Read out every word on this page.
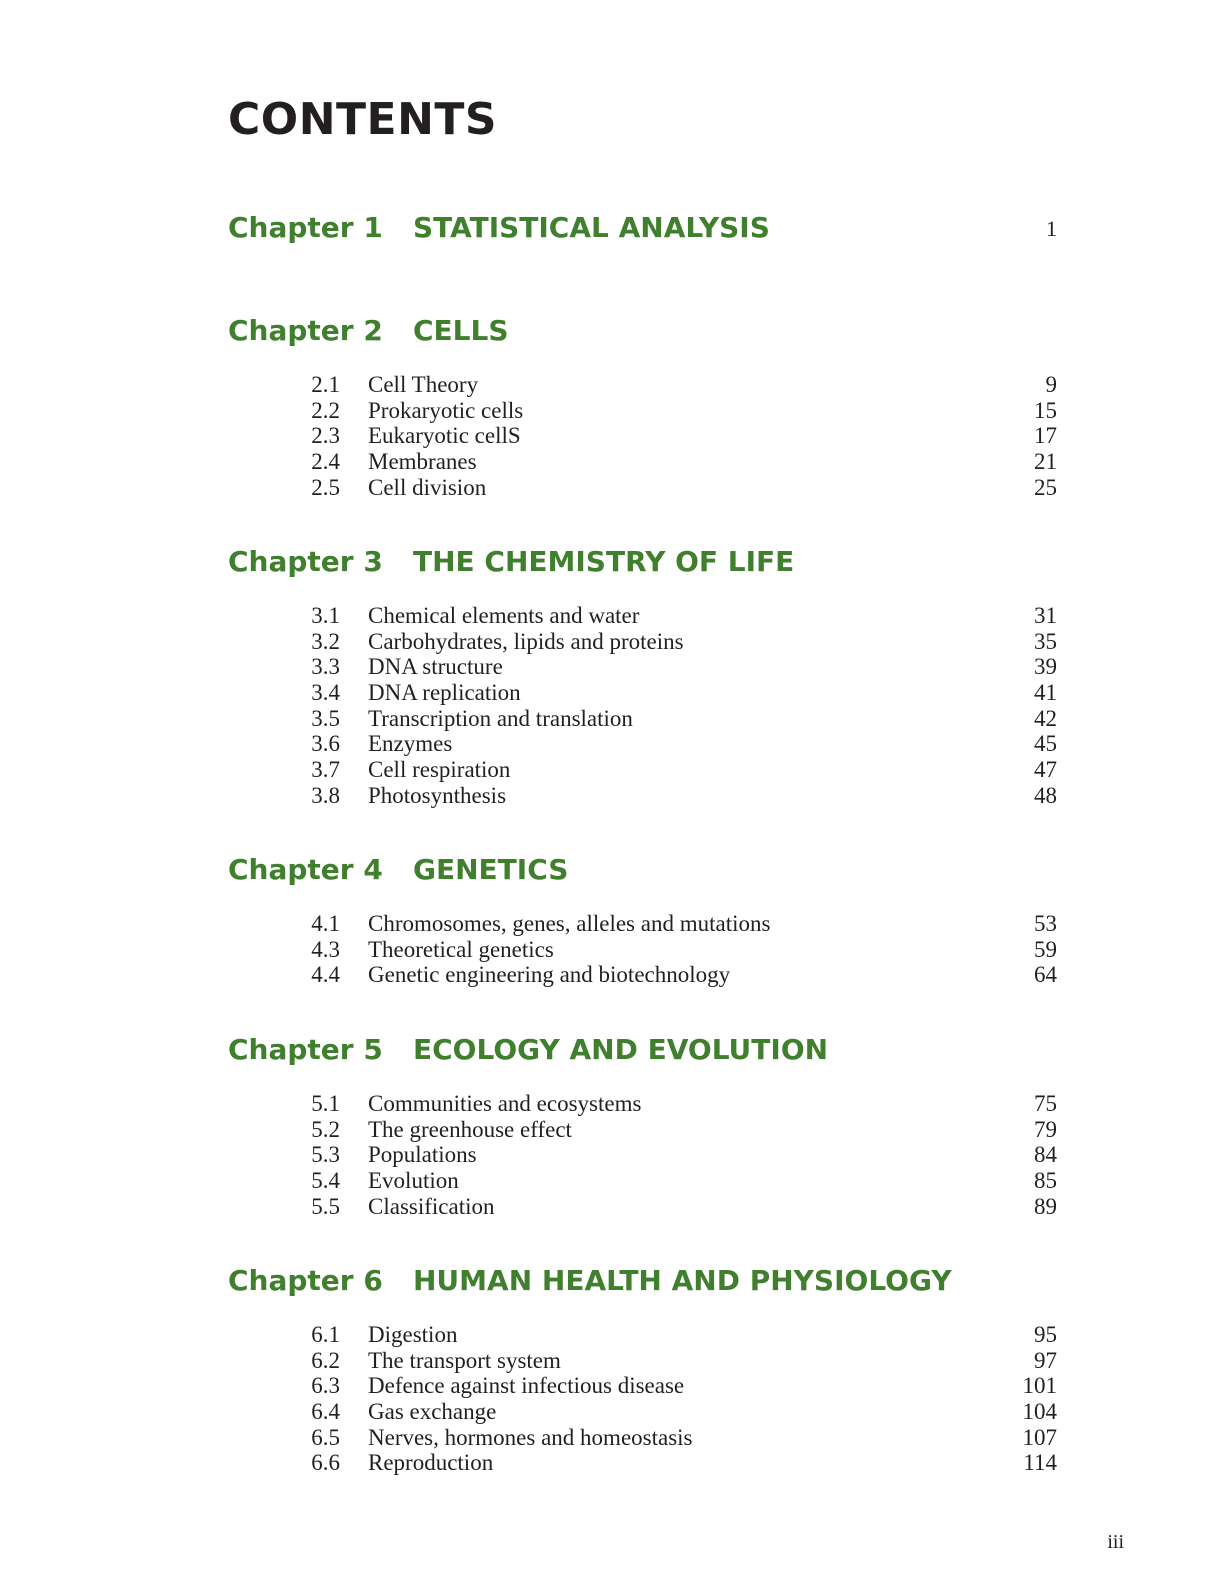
CONTENTS
Chapter 1 STATISTICAL ANALYSIS	1
Chapter 2 CELLS
2.1 Cell Theory	9
2.2 Prokaryotic cells	15
2.3 Eukaryotic cellS	17
2.4 Membranes	21
2.5 Cell division	25
Chapter 3 THE CHEMISTRY OF LIFE
3.1 Chemical elements and water	31
3.2 Carbohydrates, lipids and proteins	35
3.3 DNA structure	39
3.4 DNA replication	41
3.5 Transcription and translation	42
3.6 Enzymes	45
3.7 Cell respiration	47
3.8 Photosynthesis	48
Chapter 4 GENETICS
4.1 Chromosomes, genes, alleles and mutations	53
4.3 Theoretical genetics	59
4.4 Genetic engineering and biotechnology	64
Chapter 5 ECOLOGY AND EVOLUTION
5.1 Communities and ecosystems	75
5.2 The greenhouse effect	79
5.3 Populations	84
5.4 Evolution	85
5.5 Classification	89
Chapter 6 HUMAN HEALTH AND PHYSIOLOGY
6.1 Digestion	95
6.2 The transport system	97
6.3 Defence against infectious disease	101
6.4 Gas exchange	104
6.5 Nerves, hormones and homeostasis	107
6.6 Reproduction	114
iii
